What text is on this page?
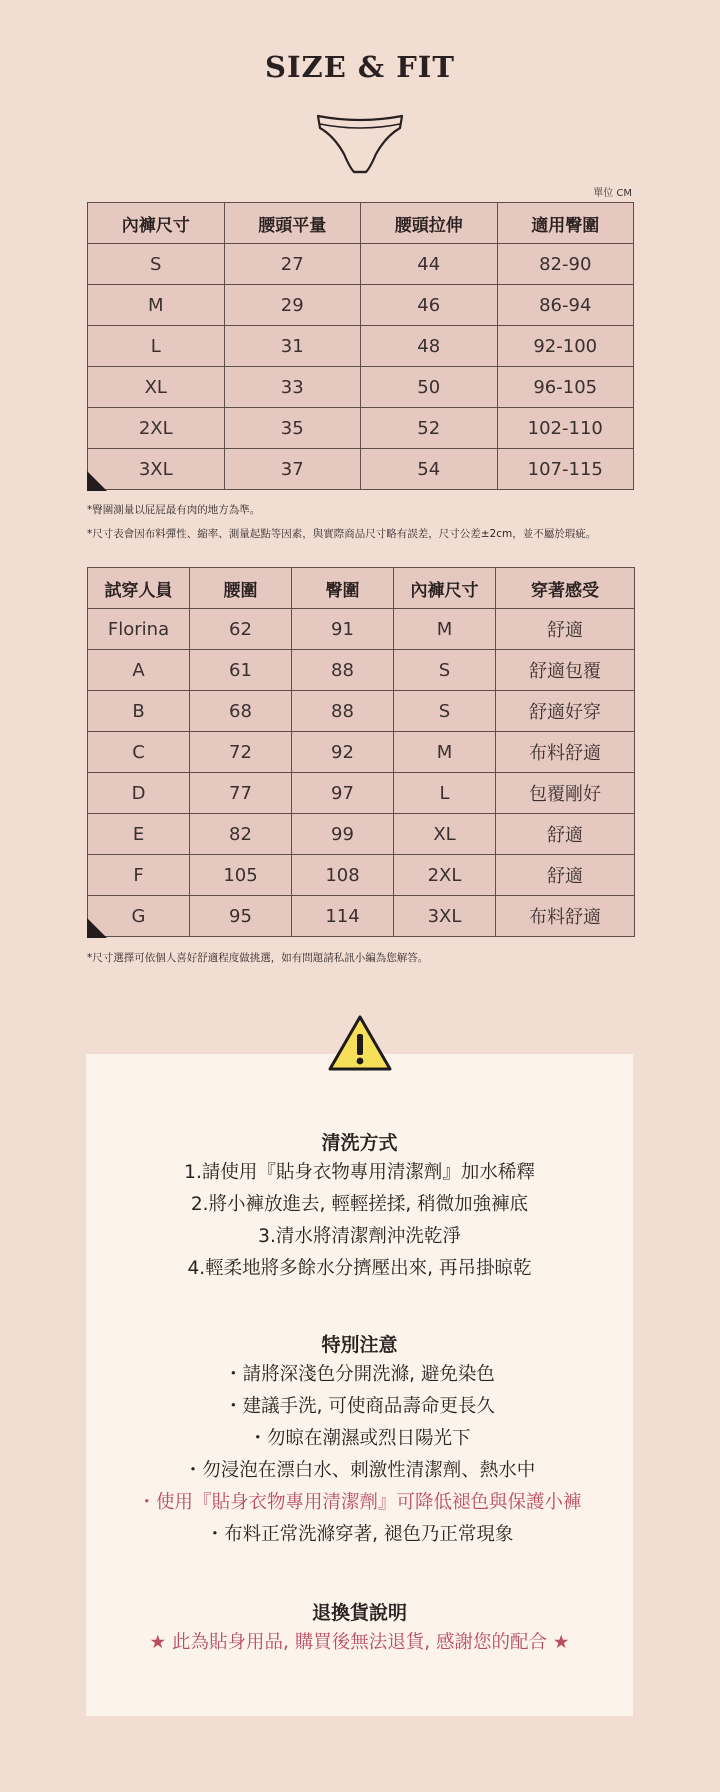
SIZE & FIT
單位 CM
內褲尺寸	腰頭平量	腰頭拉伸	適用臀圍
S	27	44	82-90
M	29	46	86-94
L	31	48	92-100
XL	33	50	96-105
2XL	35	52	102-110
3XL	37	54	107-115
*臀圍測量以屁屁最有肉的地方為準。
*尺寸表會因布料彈性、縮率、測量起點等因素，與實際商品尺寸略有誤差，尺寸公差±2cm，並不屬於瑕疵。
試穿人員	腰圍	臀圍	內褲尺寸	穿著感受
Florina	62	91	M	舒適
A	61	88	S	舒適包覆
B	68	88	S	舒適好穿
C	72	92	M	布料舒適
D	77	97	L	包覆剛好
E	82	99	XL	舒適
F	105	108	2XL	舒適
G	95	114	3XL	布料舒適
*尺寸選擇可依個人喜好舒適程度做挑選，如有問題請私訊小編為您解答。
清洗方式
1.請使用『貼身衣物專用清潔劑』加水稀釋
2.將小褲放進去, 輕輕搓揉, 稍微加強褲底
3.清水將清潔劑沖洗乾淨
4.輕柔地將多餘水分擠壓出來, 再吊掛晾乾
特別注意
・請將深淺色分開洗滌, 避免染色
・建議手洗, 可使商品壽命更長久
・勿晾在潮濕或烈日陽光下
・勿浸泡在漂白水、刺激性清潔劑、熱水中
・使用『貼身衣物專用清潔劑』可降低褪色與保護小褲
・布料正常洗滌穿著, 褪色乃正常現象
退換貨說明
★ 此為貼身用品, 購買後無法退貨, 感謝您的配合 ★
